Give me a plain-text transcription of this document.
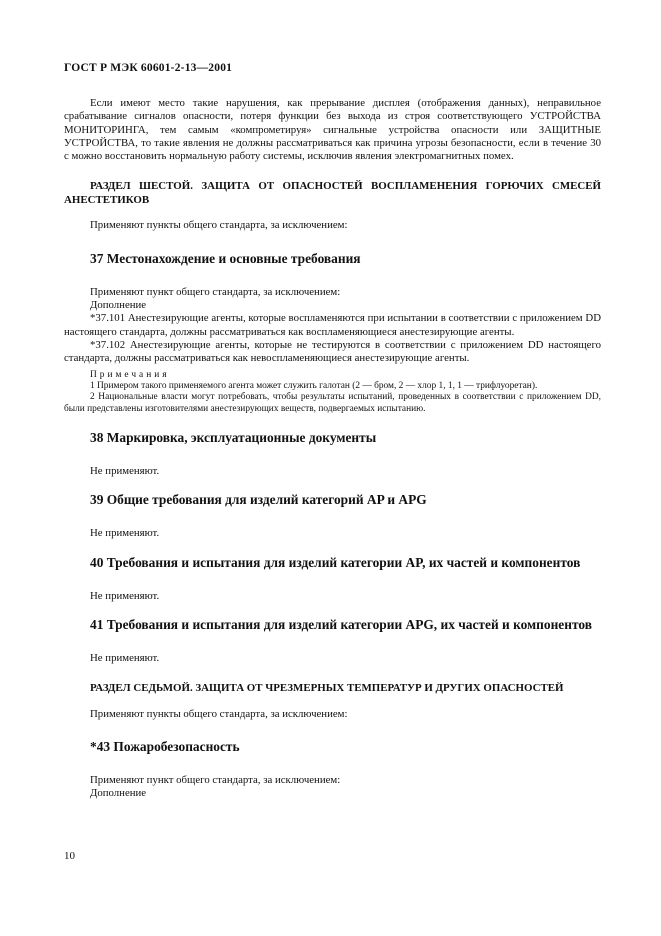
ГОСТ Р МЭК 60601-2-13—2001

Если имеют место такие нарушения, как прерывание дисплея (отображения данных), неправильное срабатывание сигналов опасности, потеря функции без выхода из строя соответствующего УСТРОЙСТВА МОНИТОРИНГА, тем самым «компрометируя» сигнальные устройства опасности или ЗАЩИТНЫЕ УСТРОЙСТВА, то такие явления не должны рассматриваться как причина угрозы безопасности, если в течение 30 с можно восстановить нормальную работу системы, исключив явления электромагнитных помех.

РАЗДЕЛ ШЕСТОЙ. ЗАЩИТА ОТ ОПАСНОСТЕЙ ВОСПЛАМЕНЕНИЯ ГОРЮЧИХ СМЕСЕЙ АНЕСТЕТИКОВ

Применяют пункты общего стандарта, за исключением:

37 Местонахождение и основные требования

Применяют пункт общего стандарта, за исключением:

Дополнение

*37.101 Анестезирующие агенты, которые воспламеняются при испытании в соответствии с приложением DD настоящего стандарта, должны рассматриваться как воспламеняющиеся анестезирующие агенты.

*37.102 Анестезирующие агенты, которые не тестируются в соответствии с приложением DD настоящего стандарта, должны рассматриваться как невоспламеняющиеся анестезирующие агенты.

Примечания

1 Примером такого применяемого агента может служить галотан (2 — бром, 2 — хлор 1, 1, 1 — трифлуоретан).

2 Национальные власти могут потребовать, чтобы результаты испытаний, проведенных в соответствии с приложением DD, были представлены изготовителями анестезирующих веществ, подвергаемых испытанию.

38 Маркировка, эксплуатационные документы

Не применяют.

39 Общие требования для изделий категорий AP и APG

Не применяют.

40 Требования и испытания для изделий категории AP, их частей и компонентов

Не применяют.

41 Требования и испытания для изделий категории APG, их частей и компонентов

Не применяют.

РАЗДЕЛ СЕДЬМОЙ. ЗАЩИТА ОТ ЧРЕЗМЕРНЫХ ТЕМПЕРАТУР И ДРУГИХ ОПАСНОСТЕЙ

Применяют пункты общего стандарта, за исключением:

*43 Пожаробезопасность

Применяют пункт общего стандарта, за исключением:

Дополнение

10
